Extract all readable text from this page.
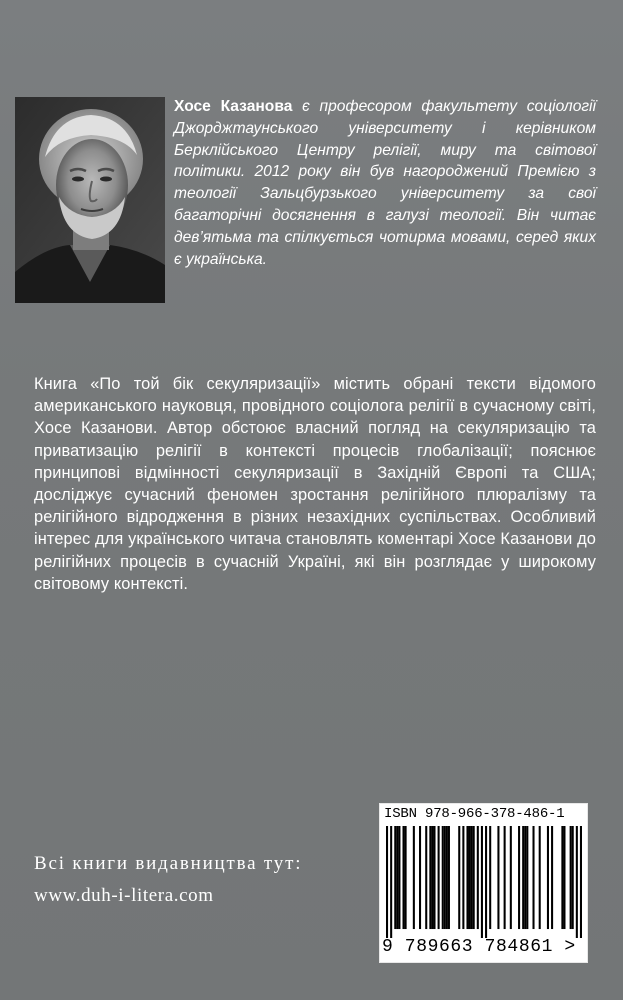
Хосе Казанова є професором факультету соціології Джорджтаунського університету і керівником Берклійського Центру релігії, миру та світової політики. 2012 року він був нагороджений Премією з теології Зальцбурзького університету за свої багаторічні досягнення в галузі теології. Він читає дев’ятьма та спілкується чотирма мовами, серед яких є українська.
Книга «По той бік секуляризації» містить обрані тексти відомого американського науковця, провідного соціолога релігії в сучасному світі, Хосе Казанови. Автор обстоює власний погляд на секуляризацію та приватизацію релігії в контексті процесів глобалізації; пояснює принципові відмінності секуляризації в Західній Європі та США; досліджує сучасний феномен зростання релігійного плюралізму та релігійного відродження в різних незахідних суспільствах. Особливий інтерес для українського читача становлять коментарі Хосе Казанови до релігійних процесів в сучасній Україні, які він розглядає у широкому світовому контексті.
Всі книги видавництва тут:
www.duh-i-litera.com
ISBN 978-966-378-486-1
9 789663 784861 >
